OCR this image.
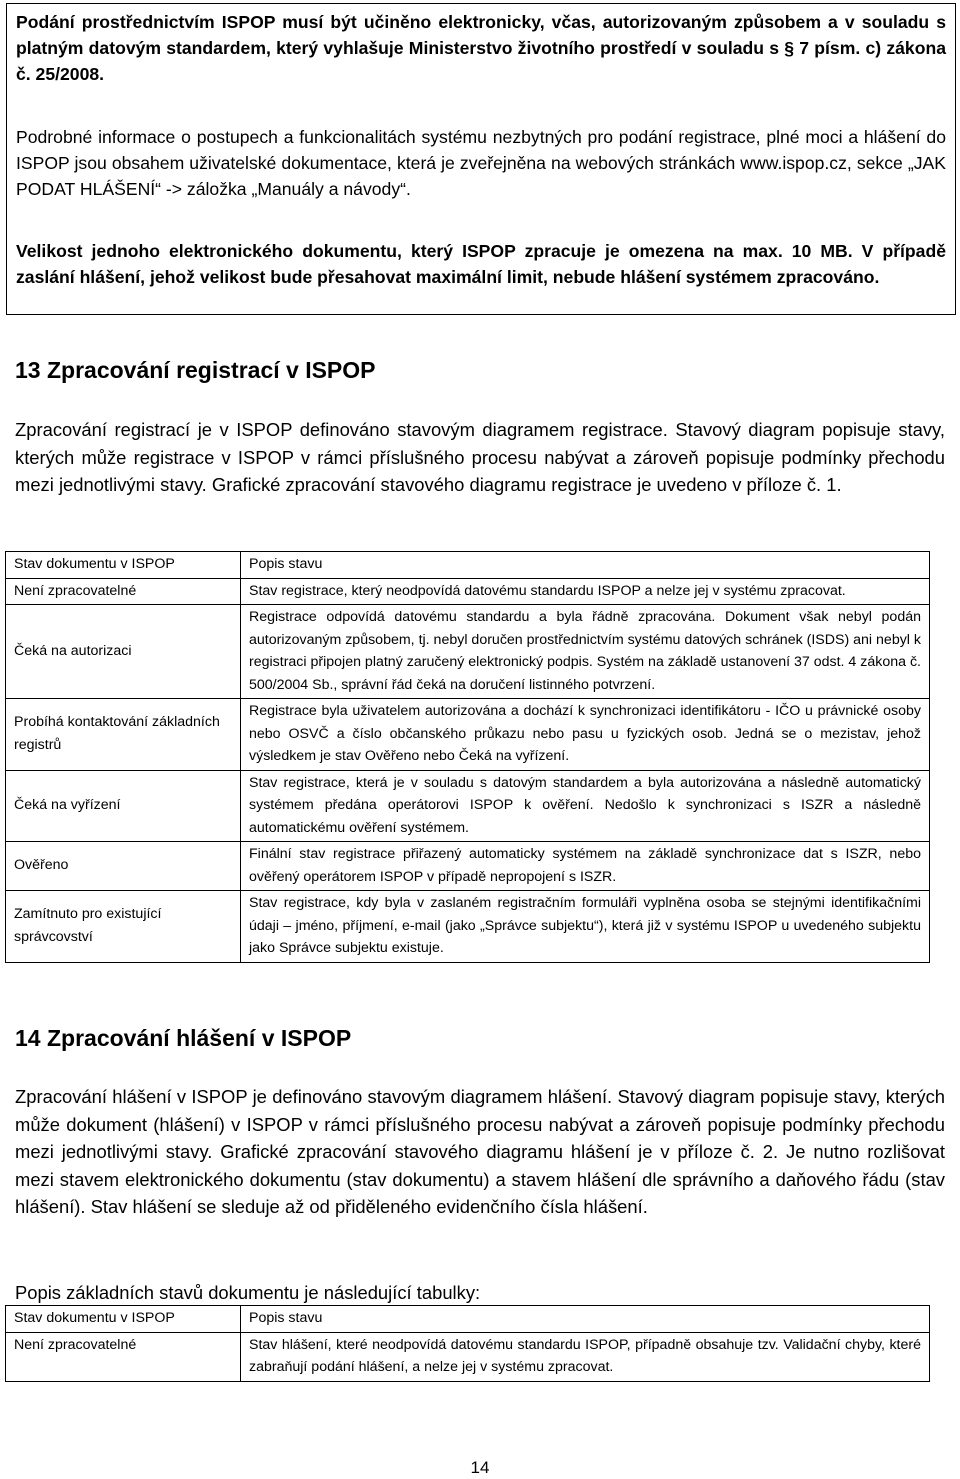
Podání prostřednictvím ISPOP musí být učiněno elektronicky, včas, autorizovaným způsobem a v souladu s platným datovým standardem, který vyhlašuje Ministerstvo životního prostředí v souladu s § 7 písm. c) zákona č. 25/2008.

Podrobné informace o postupech a funkcionalitách systému nezbytných pro podání registrace, plné moci a hlášení do ISPOP jsou obsahem uživatelské dokumentace, která je zveřejněna na webových stránkách www.ispop.cz, sekce „JAK PODAT HLÁŠENÍ“ -> záložka „Manuály a návody“.

Velikost jednoho elektronického dokumentu, který ISPOP zpracuje je omezena na max. 10 MB. V případě zaslání hlášení, jehož velikost bude přesahovat maximální limit, nebude hlášení systémem zpracováno.

13 Zpracování registrací v ISPOP

Zpracování registrací je v ISPOP definováno stavovým diagramem registrace. Stavový diagram popisuje stavy, kterých může registrace v ISPOP v rámci příslušného procesu nabývat a zároveň popisuje podmínky přechodu mezi jednotlivými stavy. Grafické zpracování stavového diagramu registrace je uvedeno v příloze č. 1.

Stav dokumentu v ISPOP	Popis stavu
Není zpracovatelné	Stav registrace, který neodpovídá datovému standardu ISPOP a nelze jej v systému zpracovat.
Čeká na autorizaci	Registrace odpovídá datovému standardu a byla řádně zpracována. Dokument však nebyl podán autorizovaným způsobem, tj. nebyl doručen prostřednictvím systému datových schránek (ISDS) ani nebyl k registraci připojen platný zaručený elektronický podpis. Systém na základě ustanovení 37 odst. 4 zákona č. 500/2004 Sb., správní řád čeká na doručení listinného potvrzení.
Probíhá kontaktování základních registrů	Registrace byla uživatelem autorizována a dochází k synchronizaci identifikátoru - IČO u právnické osoby nebo OSVČ a číslo občanského průkazu nebo pasu u fyzických osob. Jedná se o mezistav, jehož výsledkem je stav Ověřeno nebo Čeká na vyřízení.
Čeká na vyřízení	Stav registrace, která je v souladu s datovým standardem a byla autorizována a následně automatický systémem předána operátorovi ISPOP k ověření. Nedošlo k synchronizaci s ISZR a následně automatickému ověření systémem.
Ověřeno	Finální stav registrace přiřazený automaticky systémem na základě synchronizace dat s ISZR, nebo ověřený operátorem ISPOP v případě nepropojení s ISZR.
Zamítnuto pro existující správcovství	Stav registrace, kdy byla v zaslaném registračním formuláři vyplněna osoba se stejnými identifikačními údaji – jméno, příjmení, e-mail (jako „Správce subjektu“), která již v systému ISPOP u uvedeného subjektu jako Správce subjektu existuje.
14 Zpracování hlášení v ISPOP

Zpracování hlášení v ISPOP je definováno stavovým diagramem hlášení. Stavový diagram popisuje stavy, kterých může dokument (hlášení) v ISPOP v rámci příslušného procesu nabývat a zároveň popisuje podmínky přechodu mezi jednotlivými stavy. Grafické zpracování stavového diagramu hlášení je v příloze č. 2. Je nutno rozlišovat mezi stavem elektronického dokumentu (stav dokumentu) a stavem hlášení dle správního a daňového řádu (stav hlášení). Stav hlášení se sleduje až od přiděleného evidenčního čísla hlášení.

Popis základních stavů dokumentu je následující tabulky:

Stav dokumentu v ISPOP	Popis stavu
Není zpracovatelné	Stav hlášení, které neodpovídá datovému standardu ISPOP, případně obsahuje tzv. Validační chyby, které zabraňují podání hlášení, a nelze jej v systému zpracovat.
14
